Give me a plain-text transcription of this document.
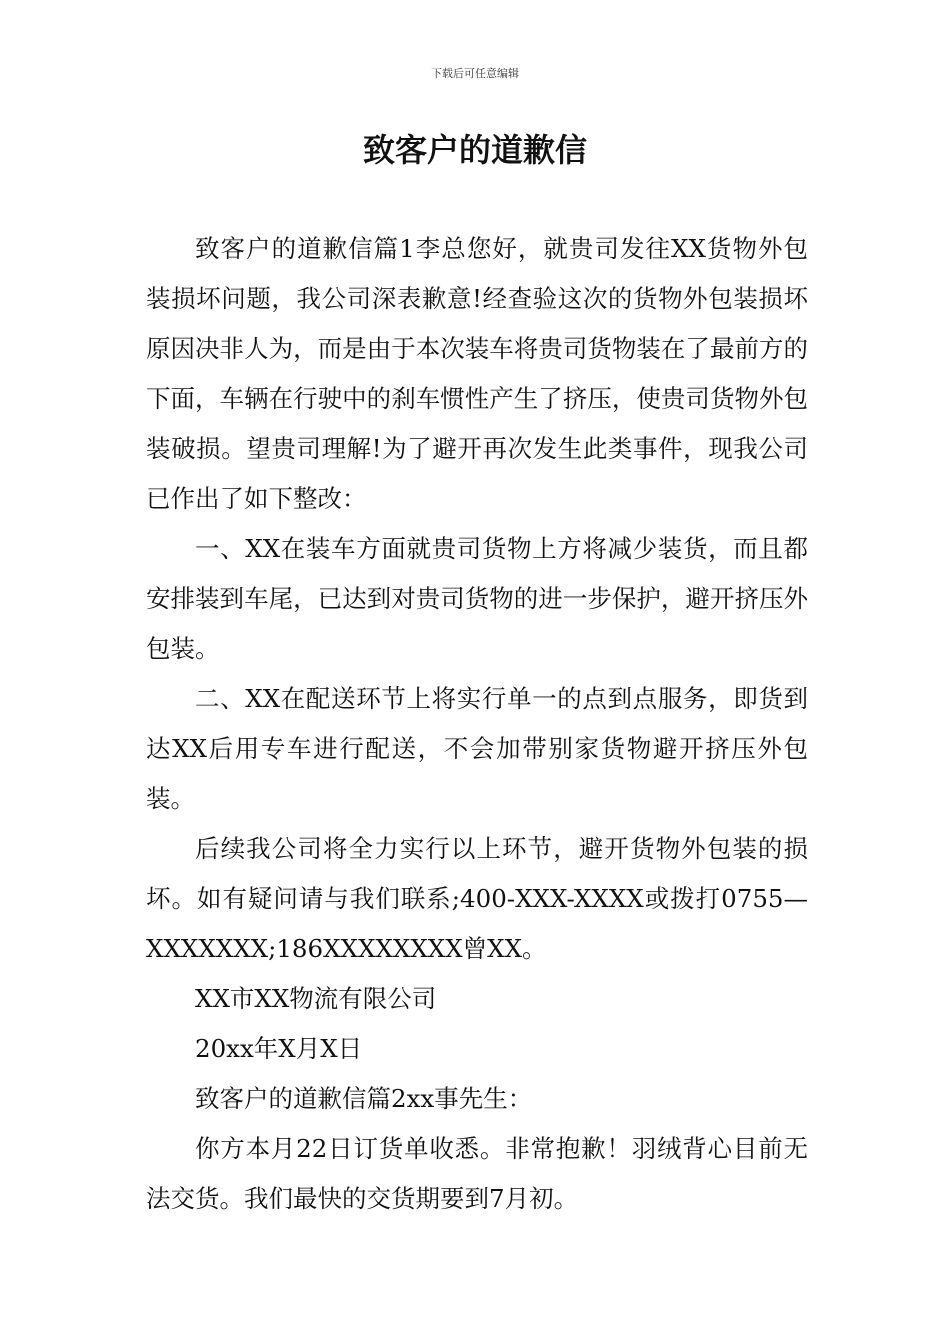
下载后可任意编辑
致客户的道歉信

致客户的道歉信篇1李总您好，就贵司发往XX货物外包装损坏问题，我公司深表歉意!经查验这次的货物外包装损坏原因决非人为，而是由于本次装车将贵司货物装在了最前方的下面，车辆在行驶中的刹车惯性产生了挤压，使贵司货物外包装破损。望贵司理解!为了避开再次发生此类事件，现我公司已作出了如下整改：

一、XX在装车方面就贵司货物上方将减少装货，而且都安排装到车尾，已达到对贵司货物的进一步保护，避开挤压外包装。

二、XX在配送环节上将实行单一的点到点服务，即货到达XX后用专车进行配送，不会加带别家货物避开挤压外包装。

后续我公司将全力实行以上环节，避开货物外包装的损坏。如有疑问请与我们联系;400-XXX-XXXX或拨打0755—XXXXXXX;186XXXXXXXX曾XX。

XX市XX物流有限公司

20xx年X月X日

致客户的道歉信篇2xx事先生：

你方本月22日订货单收悉。非常抱歉！羽绒背心目前无法交货。我们最快的交货期要到7月初。
